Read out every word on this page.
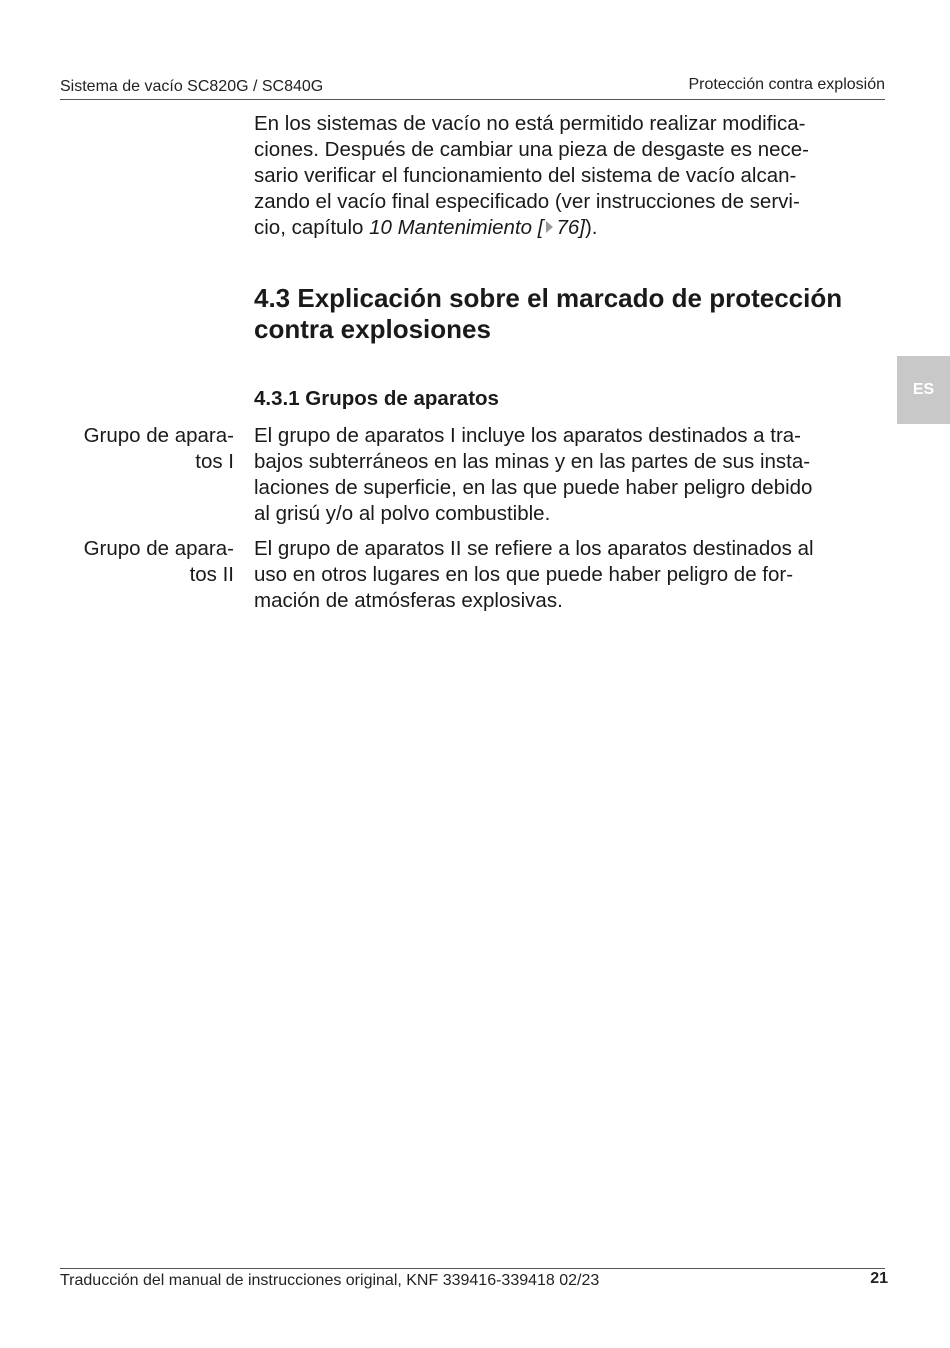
Sistema de vacío SC820G / SC840G	Protección contra explosión
ES
En los sistemas de vacío no está permitido realizar modifica-
ciones. Después de cambiar una pieza de desgaste es nece-
sario verificar el funcionamiento del sistema de vacío alcan-
zando el vacío final especificado (ver instrucciones de servi-
cio, capítulo 10 Mantenimiento [ 76]).
4.3 Explicación sobre el marcado de protección
contra explosiones
4.3.1 Grupos de aparatos
Grupo de apara-
tos I
El grupo de aparatos I incluye los aparatos destinados a tra-
bajos subterráneos en las minas y en las partes de sus insta-
laciones de superficie, en las que puede haber peligro debido
al grisú y/o al polvo combustible.
Grupo de apara-
tos II
El grupo de aparatos II se refiere a los aparatos destinados al
uso en otros lugares en los que puede haber peligro de for-
mación de atmósferas explosivas.
Traducción del manual de instrucciones original, KNF 339416-339418 02/23	21
